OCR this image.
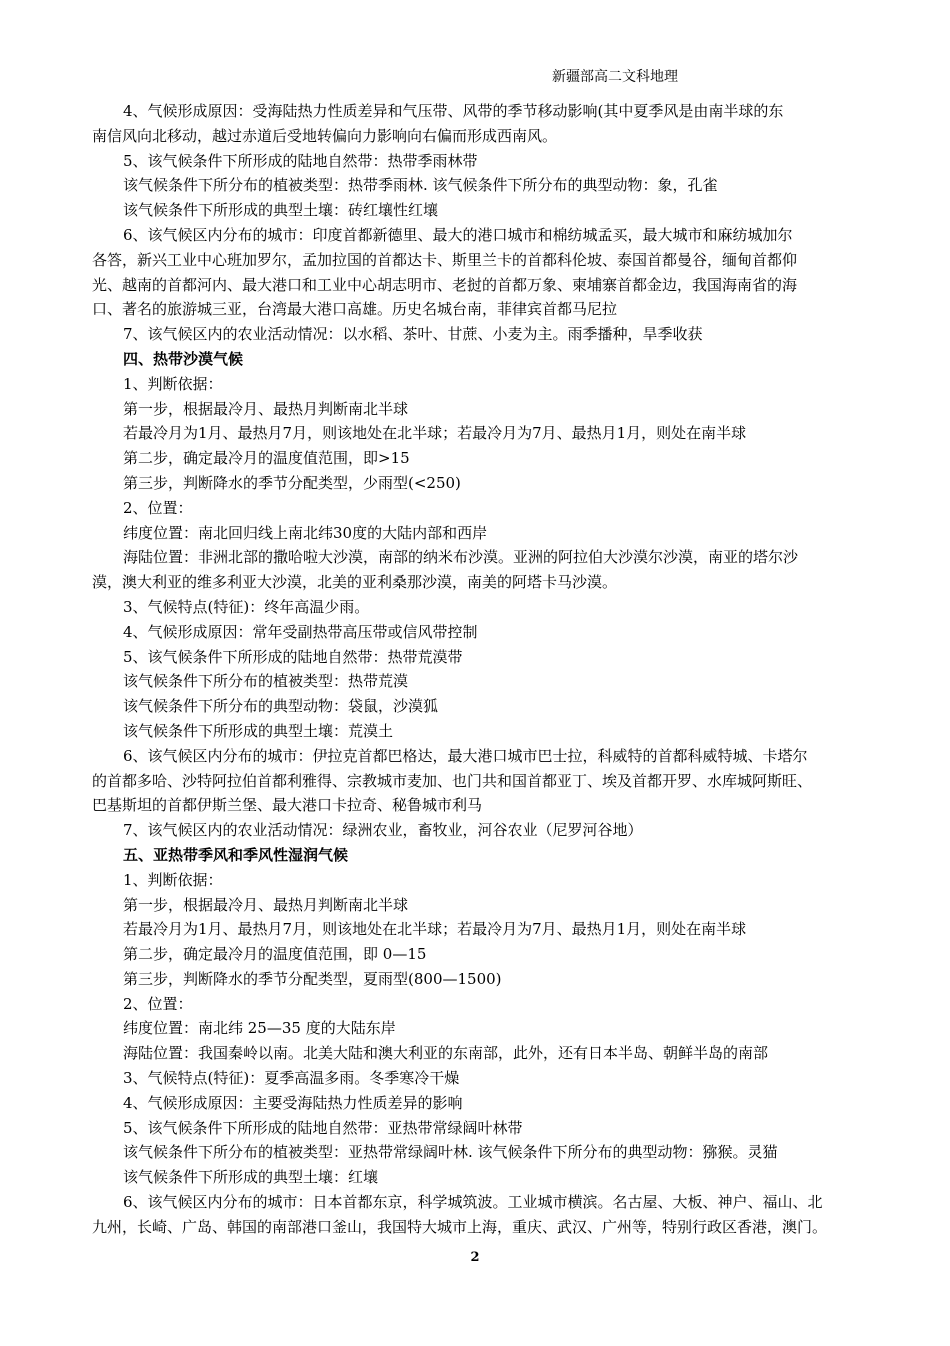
新疆部高二文科地理
4、气候形成原因：受海陆热力性质差异和气压带、风带的季节移动影响(其中夏季风是由南半球的东
南信风向北移动，越过赤道后受地转偏向力影响向右偏而形成西南风。
5、该气候条件下所形成的陆地自然带：热带季雨林带
该气候条件下所分布的植被类型：热带季雨林. 该气候条件下所分布的典型动物：象，孔雀
该气候条件下所形成的典型土壤：砖红壤性红壤
6、该气候区内分布的城市：印度首都新德里、最大的港口城市和棉纺城孟买，最大城市和麻纺城加尔
各答，新兴工业中心班加罗尔，孟加拉国的首都达卡、斯里兰卡的首都科伦坡、泰国首都曼谷，缅甸首都仰
光、越南的首都河内、最大港口和工业中心胡志明市、老挝的首都万象、柬埔寨首都金边，我国海南省的海
口、著名的旅游城三亚，台湾最大港口高雄。历史名城台南，菲律宾首都马尼拉
7、该气候区内的农业活动情况：以水稻、茶叶、甘蔗、小麦为主。雨季播种，旱季收获
四、热带沙漠气候
1、判断依据：
第一步，根据最冷月、最热月判断南北半球
若最冷月为1月、最热月7月，则该地处在北半球；若最冷月为7月、最热月1月，则处在南半球
第二步，确定最冷月的温度值范围，即>15
第三步，判断降水的季节分配类型，少雨型(<250)
2、位置：
纬度位置：南北回归线上南北纬30度的大陆内部和西岸
海陆位置：非洲北部的撒哈啦大沙漠，南部的纳米布沙漠。亚洲的阿拉伯大沙漠尔沙漠，南亚的塔尔沙
漠，澳大利亚的维多利亚大沙漠，北美的亚利桑那沙漠，南美的阿塔卡马沙漠。
3、气候特点(特征)：终年高温少雨。
4、气候形成原因：常年受副热带高压带或信风带控制
5、该气候条件下所形成的陆地自然带：热带荒漠带
该气候条件下所分布的植被类型：热带荒漠
该气候条件下所分布的典型动物：袋鼠，沙漠狐
该气候条件下所形成的典型土壤：荒漠土
6、该气候区内分布的城市：伊拉克首都巴格达，最大港口城市巴士拉，科威特的首都科威特城、卡塔尔
的首都多哈、沙特阿拉伯首都利雅得、宗教城市麦加、也门共和国首都亚丁、埃及首都开罗、水库城阿斯旺、
巴基斯坦的首都伊斯兰堡、最大港口卡拉奇、秘鲁城市利马
7、该气候区内的农业活动情况：绿洲农业，畜牧业，河谷农业（尼罗河谷地）
五、亚热带季风和季风性湿润气候
1、判断依据：
第一步，根据最冷月、最热月判断南北半球
若最冷月为1月、最热月7月，则该地处在北半球；若最冷月为7月、最热月1月，则处在南半球
第二步，确定最冷月的温度值范围，即 0—15
第三步，判断降水的季节分配类型，夏雨型(800—1500)
2、位置：
纬度位置：南北纬 25—35 度的大陆东岸
海陆位置：我国秦岭以南。北美大陆和澳大利亚的东南部，此外，还有日本半岛、朝鲜半岛的南部
3、气候特点(特征)：夏季高温多雨。冬季寒冷干燥
4、气候形成原因：主要受海陆热力性质差异的影响
5、该气候条件下所形成的陆地自然带：亚热带常绿阔叶林带
该气候条件下所分布的植被类型：亚热带常绿阔叶林. 该气候条件下所分布的典型动物：猕猴。灵猫
该气候条件下所形成的典型土壤：红壤
6、该气候区内分布的城市：日本首都东京，科学城筑波。工业城市横滨。名古屋、大板、神户、福山、北
九州，长崎、广岛、韩国的南部港口釜山，我国特大城市上海，重庆、武汉、广州等，特别行政区香港，澳门。
2
